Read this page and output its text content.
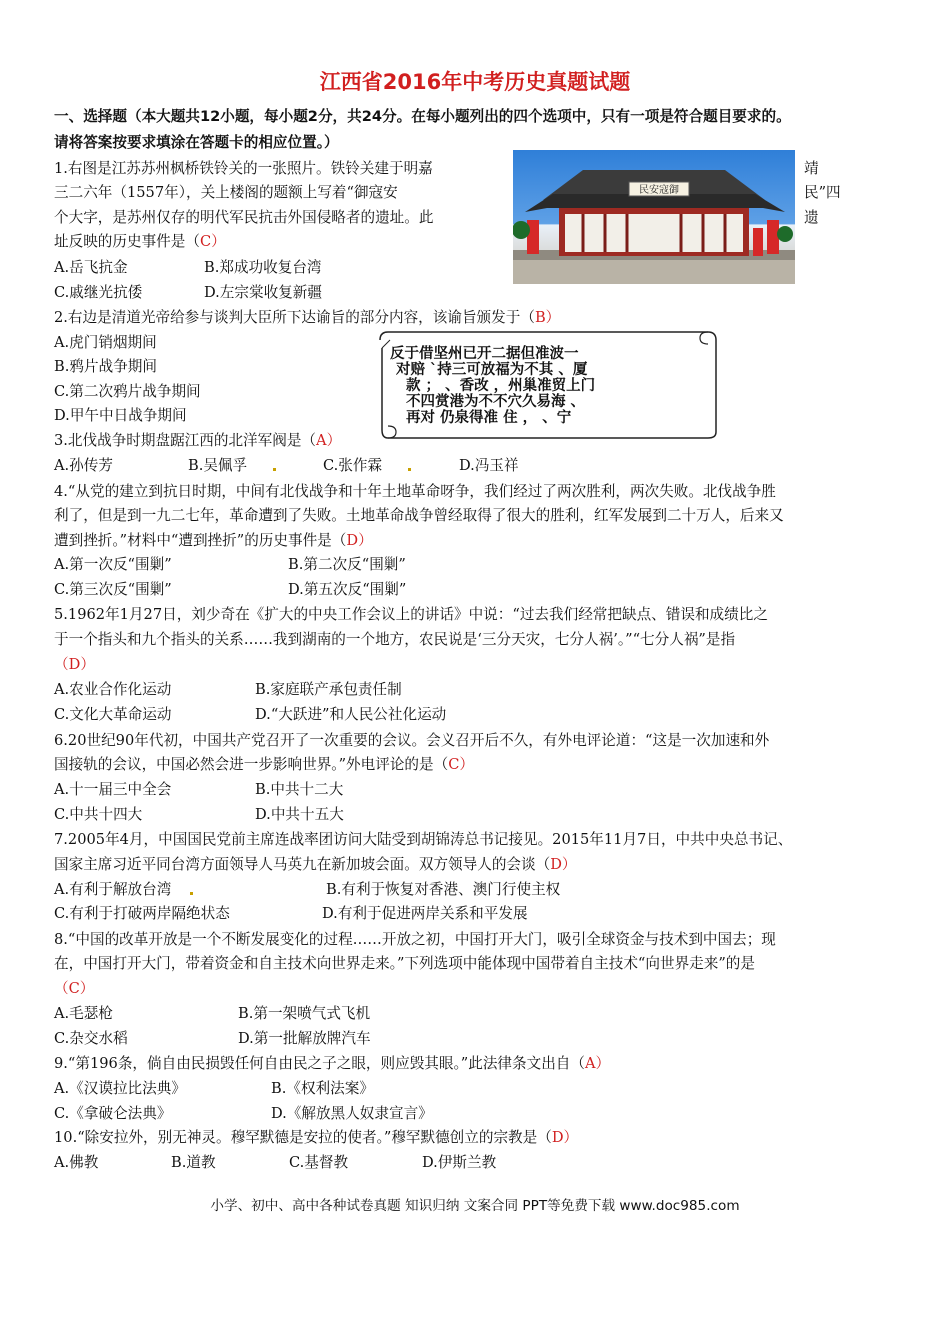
江西省2016年中考历史真题试题
一、选择题（本大题共12小题，每小题2分，共24分。在每小题列出的四个选项中，只有一项是符合题目要求的。
请将答案按要求填涂在答题卡的相应位置。）
1.右图是江苏苏州枫桥铁铃关的一张照片。铁铃关建于明嘉
三二六年（1557年），关上楼阁的题额上写着“御寇安
个大字，是苏州仅存的明代军民抗击外国侵略者的遗址。此
址反映的历史事件是（C）
靖
民”四
遗
A.岳飞抗金	B.郑成功收复台湾
C.戚继光抗倭	D.左宗棠收复新疆
民安寇御
2.右边是清道光帝给参与谈判大臣所下达谕旨的部分内容，该谕旨颁发于（B）
A.虎门销烟期间
B.鸦片战争期间
C.第二次鸦片战争期间
D.甲午中日战争期间
反于借坚州已开二据但准波一
对赔 `持三可放福为不其 、厦
款 ； 、香改 ，州巢准贸上门
不四赏港为不不穴久易海 、
再对 仍泉得准 住 ， 、宁
3.北伐战争时期盘踞江西的北洋军阀是（A）
A.孙传芳	B.吴佩孚	C.张作霖	D.冯玉祥
4.“从党的建立到抗日时期，中间有北伐战争和十年土地革命呀争，我们经过了两次胜利，两次失败。北伐战争胜
利了，但是到一九二七年，革命遭到了失败。土地革命战争曾经取得了很大的胜利，红军发展到二十万人，后来又
遭到挫折。”材料中“遭到挫折”的历史事件是（D）
A.第一次反“围剿”	B.第二次反“围剿”
C.第三次反“围剿”	D.第五次反“围剿”
5.1962年1月27日，刘少奇在《扩大的中央工作会议上的讲话》中说：“过去我们经常把缺点、错误和成绩比之
于一个指头和九个指头的关系……我到湖南的一个地方，农民说是‘三分天灾，七分人祸’。”“七分人祸”是指
（D）
A.农业合作化运动	B.家庭联产承包责任制
C.文化大革命运动	D.“大跃进”和人民公社化运动
6.20世纪90年代初，中国共产党召开了一次重要的会议。会义召开后不久，有外电评论道：“这是一次加速和外
国接轨的会议，中国必然会进一步影响世界。”外电评论的是（C）
A.十一届三中全会	B.中共十二大
C.中共十四大	D.中共十五大
7.2005年4月，中国国民党前主席连战率团访问大陆受到胡锦涛总书记接见。2015年11月7日，中共中央总书记、
国家主席习近平同台湾方面领导人马英九在新加坡会面。双方领导人的会谈（D）
A.有利于解放台湾	B.有利于恢复对香港、澳门行使主权
C.有利于打破两岸隔绝状态	D.有利于促进两岸关系和平发展
8.“中国的改革开放是一个不断发展变化的过程……开放之初，中国打开大门，吸引全球资金与技术到中国去；现
在，中国打开大门，带着资金和自主技术向世界走来。”下列选项中能体现中国带着自主技术“向世界走来”的是
（C）
A.毛瑟枪	B.第一架喷气式飞机
C.杂交水稻	D.第一批解放牌汽车
9.“第196条，倘自由民损毁任何自由民之子之眼，则应毁其眼。”此法律条文出自（A）
A.《汉谟拉比法典》	B.《权利法案》
C.《拿破仑法典》	D.《解放黑人奴隶宣言》
10.“除安拉外，别无神灵。穆罕默德是安拉的使者。”穆罕默德创立的宗教是（D）
A.佛教	B.道教	C.基督教	D.伊斯兰教
小学、初中、高中各种试卷真题 知识归纳 文案合同 PPT等免费下载 www.doc985.com
